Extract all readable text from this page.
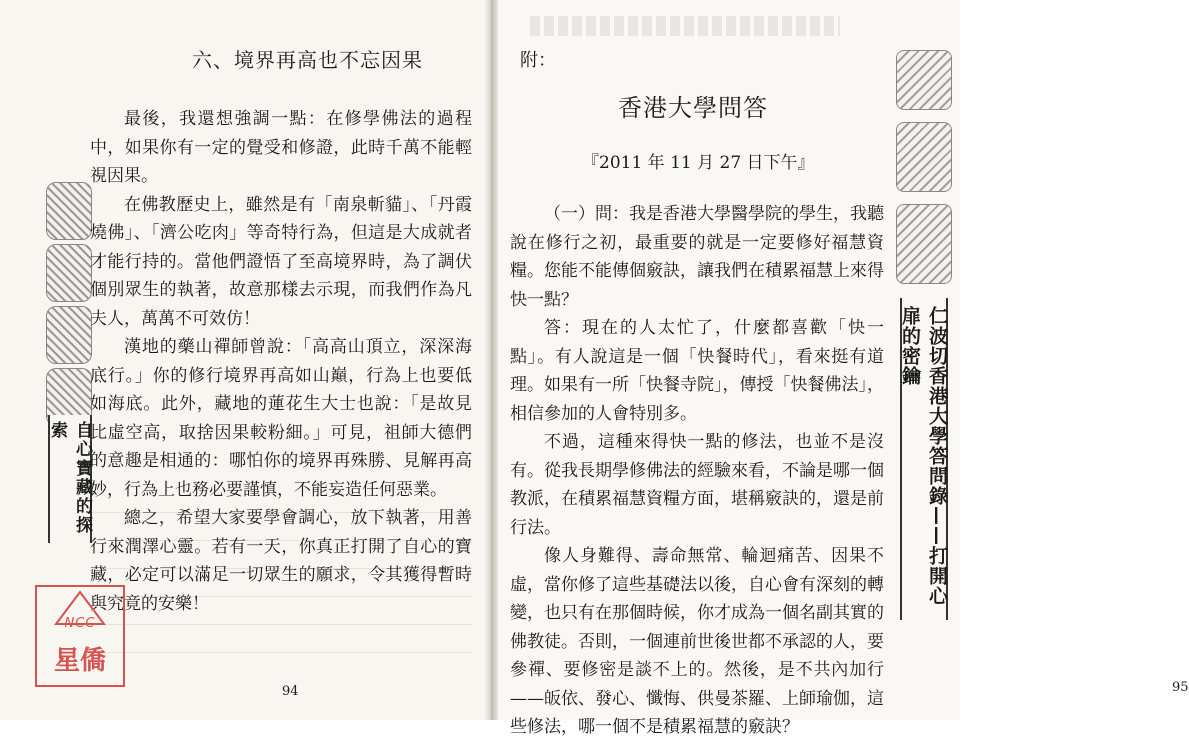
自心寶藏的探索
六、境界再高也不忘因果

最後，我還想強調一點：在修學佛法的過程中，如果你有一定的覺受和修證，此時千萬不能輕視因果。

在佛教歷史上，雖然是有「南泉斬貓」、「丹霞燒佛」、「濟公吃肉」等奇特行為，但這是大成就者才能行持的。當他們證悟了至高境界時，為了調伏個別眾生的執著，故意那樣去示現，而我們作為凡夫人，萬萬不可效仿！

漢地的藥山禪師曾說：「高高山頂立，深深海底行。」你的修行境界再高如山巔，行為上也要低如海底。此外，藏地的蓮花生大士也說：「是故見比虛空高，取捨因果較粉細。」可見，祖師大德們的意趣是相通的：哪怕你的境界再殊勝、見解再高妙，行為上也務必要謹慎，不能妄造任何惡業。

總之，希望大家要學會調心，放下執著，用善行來潤澤心靈。若有一天，你真正打開了自心的寶藏，必定可以滿足一切眾生的願求，令其獲得暫時與究竟的安樂！

94
附：
香港大學問答
『2011 年 11 月 27 日下午』

（一）問：我是香港大學醫學院的學生，我聽說在修行之初，最重要的就是一定要修好福慧資糧。您能不能傳個竅訣，讓我們在積累福慧上來得快一點？

答：現在的人太忙了，什麼都喜歡「快一點」。有人說這是一個「快餐時代」，看來挺有道理。如果有一所「快餐寺院」，傳授「快餐佛法」，相信參加的人會特別多。

不過，這種來得快一點的修法，也並不是沒有。從我長期學修佛法的經驗來看，不論是哪一個教派，在積累福慧資糧方面，堪稱竅訣的，還是前行法。

像人身難得、壽命無常、輪迴痛苦、因果不虛，當你修了這些基礎法以後，自心會有深刻的轉變，也只有在那個時候，你才成為一個名副其實的佛教徒。否則，一個連前世後世都不承認的人，要參禪、要修密是談不上的。然後，是不共內加行——皈依、發心、懺悔、供曼茶羅、上師瑜伽，這些修法，哪一個不是積累福慧的竅訣？

仁波切香港大學答問錄——打開心扉的密鑰
95
NCC
星僑
